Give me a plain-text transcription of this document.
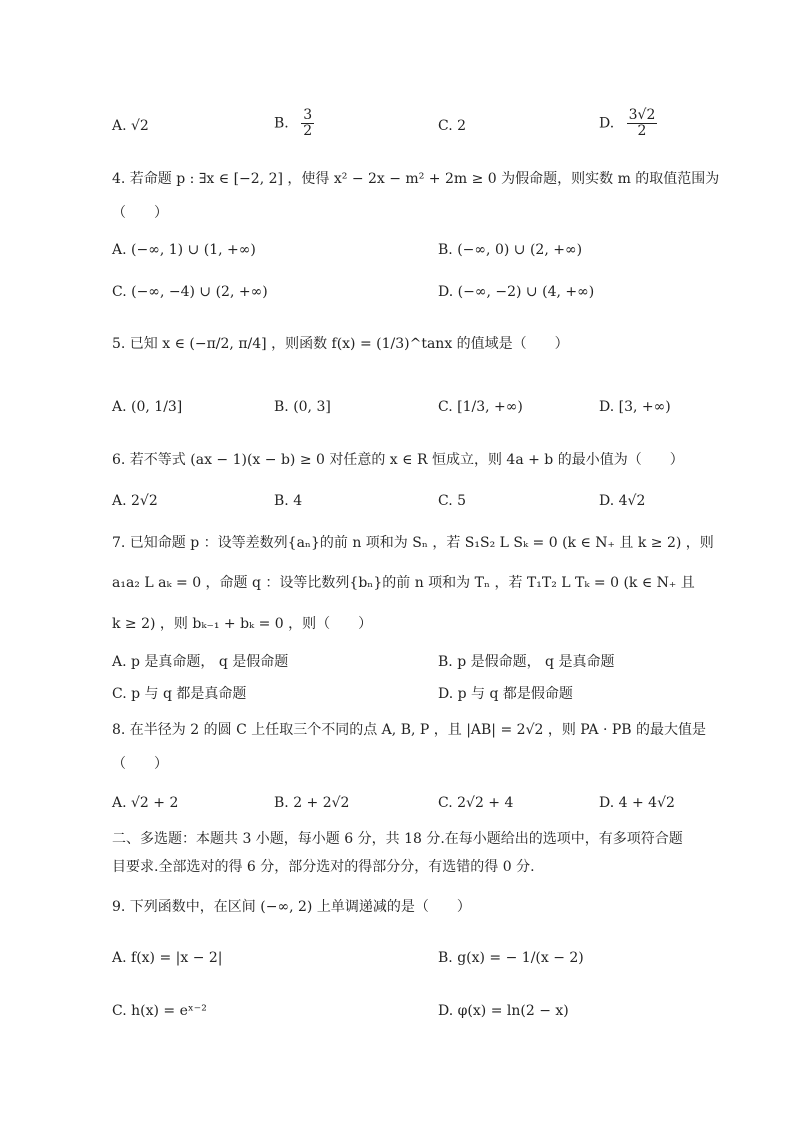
A. √2	B. $\frac{3}{2}$	C. 2	D. $\frac{3√2}{2}$
4. 若命题 p : ∃x ∈ [−2, 2] ，使得 x² − 2x − m² + 2m ≥ 0 为假命题，则实数 m 的取值范围为
（　　）
A. (−∞, 1) ∪ (1, +∞)	B. (−∞, 0) ∪ (2, +∞)
C. (−∞, −4) ∪ (2, +∞)	D. (−∞, −2) ∪ (4, +∞)
5. 已知 x ∈ (−π/2, π/4] ，则函数 f(x) = (1/3)^tanx 的值域是（　　）
A. (0, 1/3]	B. (0, 3]	C. [1/3, +∞)	D. [3, +∞)
6. 若不等式 (ax − 1)(x − b) ≥ 0 对任意的 x ∈ R 恒成立，则 4a + b 的最小值为（　　）
A. 2√2	B. 4	C. 5	D. 4√2
7. 已知命题 p ：设等差数列{aₙ}的前 n 项和为 Sₙ ，若 S₁S₂ L Sₖ = 0 (k ∈ N₊ 且 k ≥ 2) ，则
a₁a₂ L aₖ = 0 ，命题 q ：设等比数列{bₙ}的前 n 项和为 Tₙ ，若 T₁T₂ L Tₖ = 0 (k ∈ N₊ 且
k ≥ 2) ，则 bₖ₋₁ + bₖ = 0 ，则（　　）
A. p 是真命题， q 是假命题	B. p 是假命题， q 是真命题
C. p 与 q 都是真命题	D. p 与 q 都是假命题
8. 在半径为 2 的圆 C 上任取三个不同的点 A, B, P ，且 |AB| = 2√2 ，则 PA · PB 的最大值是
（　　）
A. √2 + 2	B. 2 + 2√2	C. 2√2 + 4	D. 4 + 4√2
二、多选题：本题共 3 小题，每小题 6 分，共 18 分.在每小题给出的选项中，有多项符合题目要求.全部选对的得 6 分，部分选对的得部分分，有选错的得 0 分.
9. 下列函数中，在区间 (−∞, 2) 上单调递减的是（　　）
A. f(x) = |x − 2|	B. g(x) = − 1/(x − 2)
C. h(x) = eˣ⁻²	D. φ(x) = ln(2 − x)
